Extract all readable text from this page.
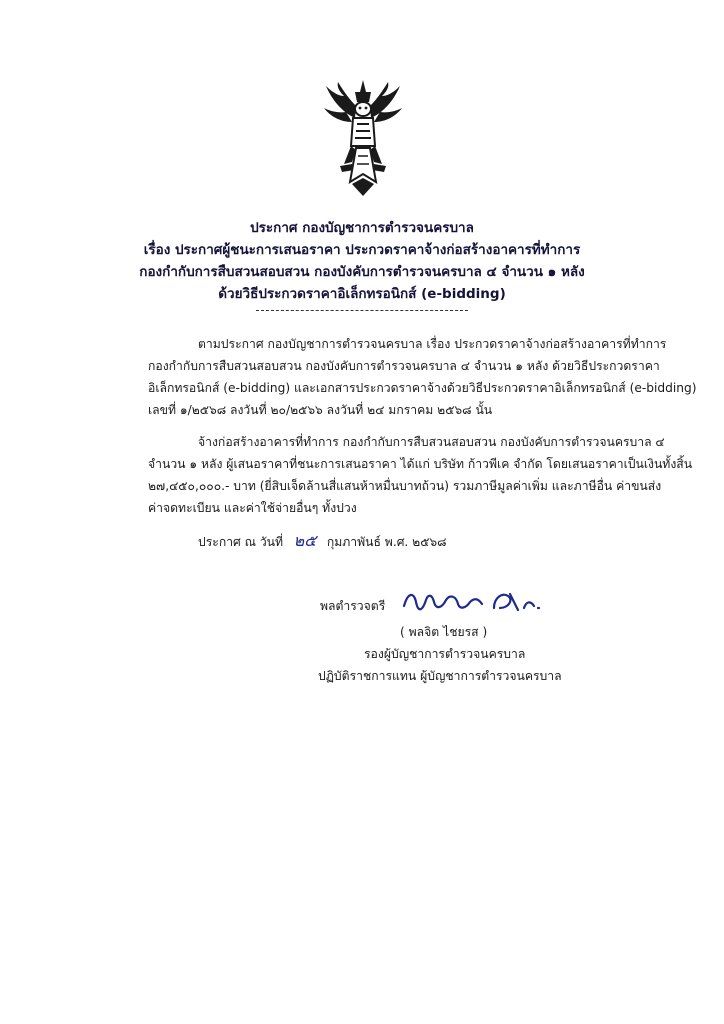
ประกาศ กองบัญชาการตำรวจนครบาล
เรื่อง ประกาศผู้ชนะการเสนอราคา ประกวดราคาจ้างก่อสร้างอาคารที่ทำการ
กองกำกับการสืบสวนสอบสวน กองบังคับการตำรวจนครบาล ๔ จำนวน ๑ หลัง
ด้วยวิธีประกวดราคาอิเล็กทรอนิกส์ (e-bidding)
ตามประกาศ กองบัญชาการตำรวจนครบาล เรื่อง ประกวดราคาจ้างก่อสร้างอาคารที่ทำการ
กองกำกับการสืบสวนสอบสวน กองบังคับการตำรวจนครบาล ๔ จำนวน ๑ หลัง ด้วยวิธีประกวดราคา
อิเล็กทรอนิกส์ (e-bidding) และเอกสารประกวดราคาจ้างด้วยวิธีประกวดราคาอิเล็กทรอนิกส์ (e-bidding)
เลขที่ ๑/๒๕๖๘ ลงวันที่ ๒๐/๒๕๖๖ ลงวันที่ ๒๔ มกราคม ๒๕๖๘ นั้น
จ้างก่อสร้างอาคารที่ทำการ กองกำกับการสืบสวนสอบสวน กองบังคับการตำรวจนครบาล ๔
จำนวน ๑ หลัง ผู้เสนอราคาที่ชนะการเสนอราคา ได้แก่ บริษัท ก้าวพีเค จำกัด โดยเสนอราคาเป็นเงินทั้งสิ้น
๒๗,๔๕๐,๐๐๐.- บาท (ยี่สิบเจ็ดล้านสี่แสนห้าหมื่นบาทถ้วน) รวมภาษีมูลค่าเพิ่ม และภาษีอื่น ค่าขนส่ง
ค่าจดทะเบียน และค่าใช้จ่ายอื่นๆ ทั้งปวง
ประกาศ ณ วันที่ ๒๕ กุมภาพันธ์ พ.ศ. ๒๕๖๘
พลตำรวจตรี
( พลจิต ไชยรส )
รองผู้บัญชาการตำรวจนครบาล
ปฏิบัติราชการแทน ผู้บัญชาการตำรวจนครบาล
